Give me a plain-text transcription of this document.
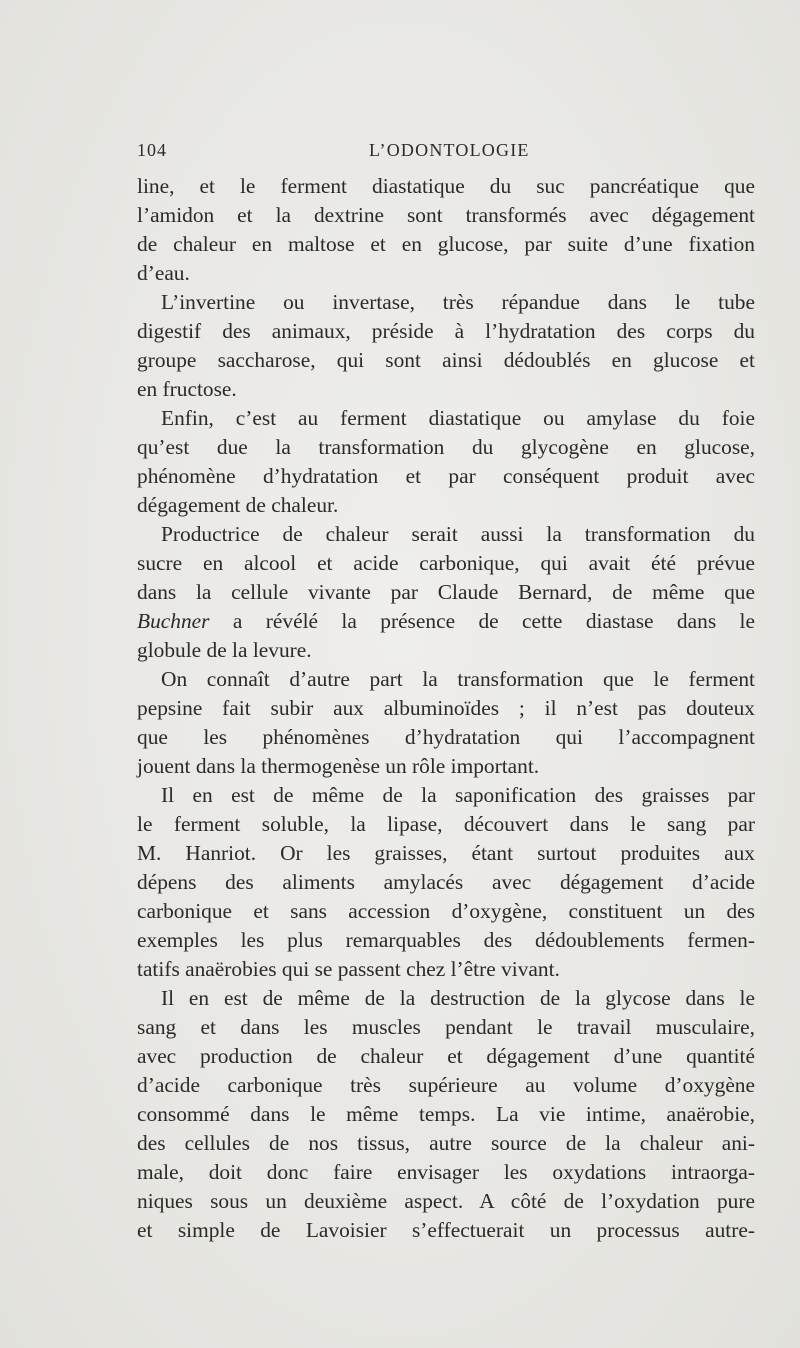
104	L’ODONTOLOGIE
line, et le ferment diastatique du suc pancréatique que
l’amidon et la dextrine sont transformés avec dégagement
de chaleur en maltose et en glucose, par suite d’une fixation
d’eau.
L’invertine ou invertase, très répandue dans le tube
digestif des animaux, préside à l’hydratation des corps du
groupe saccharose, qui sont ainsi dédoublés en glucose et
en fructose.
Enfin, c’est au ferment diastatique ou amylase du foie
qu’est due la transformation du glycogène en glucose,
phénomène d’hydratation et par conséquent produit avec
dégagement de chaleur.
Productrice de chaleur serait aussi la transformation du
sucre en alcool et acide carbonique, qui avait été prévue
dans la cellule vivante par Claude Bernard, de même que
Buchner a révélé la présence de cette diastase dans le
globule de la levure.
On connaît d’autre part la transformation que le ferment
pepsine fait subir aux albuminoïdes ; il n’est pas douteux
que les phénomènes d’hydratation qui l’accompagnent
jouent dans la thermogenèse un rôle important.
Il en est de même de la saponification des graisses par
le ferment soluble, la lipase, découvert dans le sang par
M. Hanriot. Or les graisses, étant surtout produites aux
dépens des aliments amylacés avec dégagement d’acide
carbonique et sans accession d’oxygène, constituent un des
exemples les plus remarquables des dédoublements fermen-
tatifs anaërobies qui se passent chez l’être vivant.
Il en est de même de la destruction de la glycose dans le
sang et dans les muscles pendant le travail musculaire,
avec production de chaleur et dégagement d’une quantité
d’acide carbonique très supérieure au volume d’oxygène
consommé dans le même temps. La vie intime, anaërobie,
des cellules de nos tissus, autre source de la chaleur ani-
male, doit donc faire envisager les oxydations intraorga-
niques sous un deuxième aspect. A côté de l’oxydation pure
et simple de Lavoisier s’effectuerait un processus autre-
